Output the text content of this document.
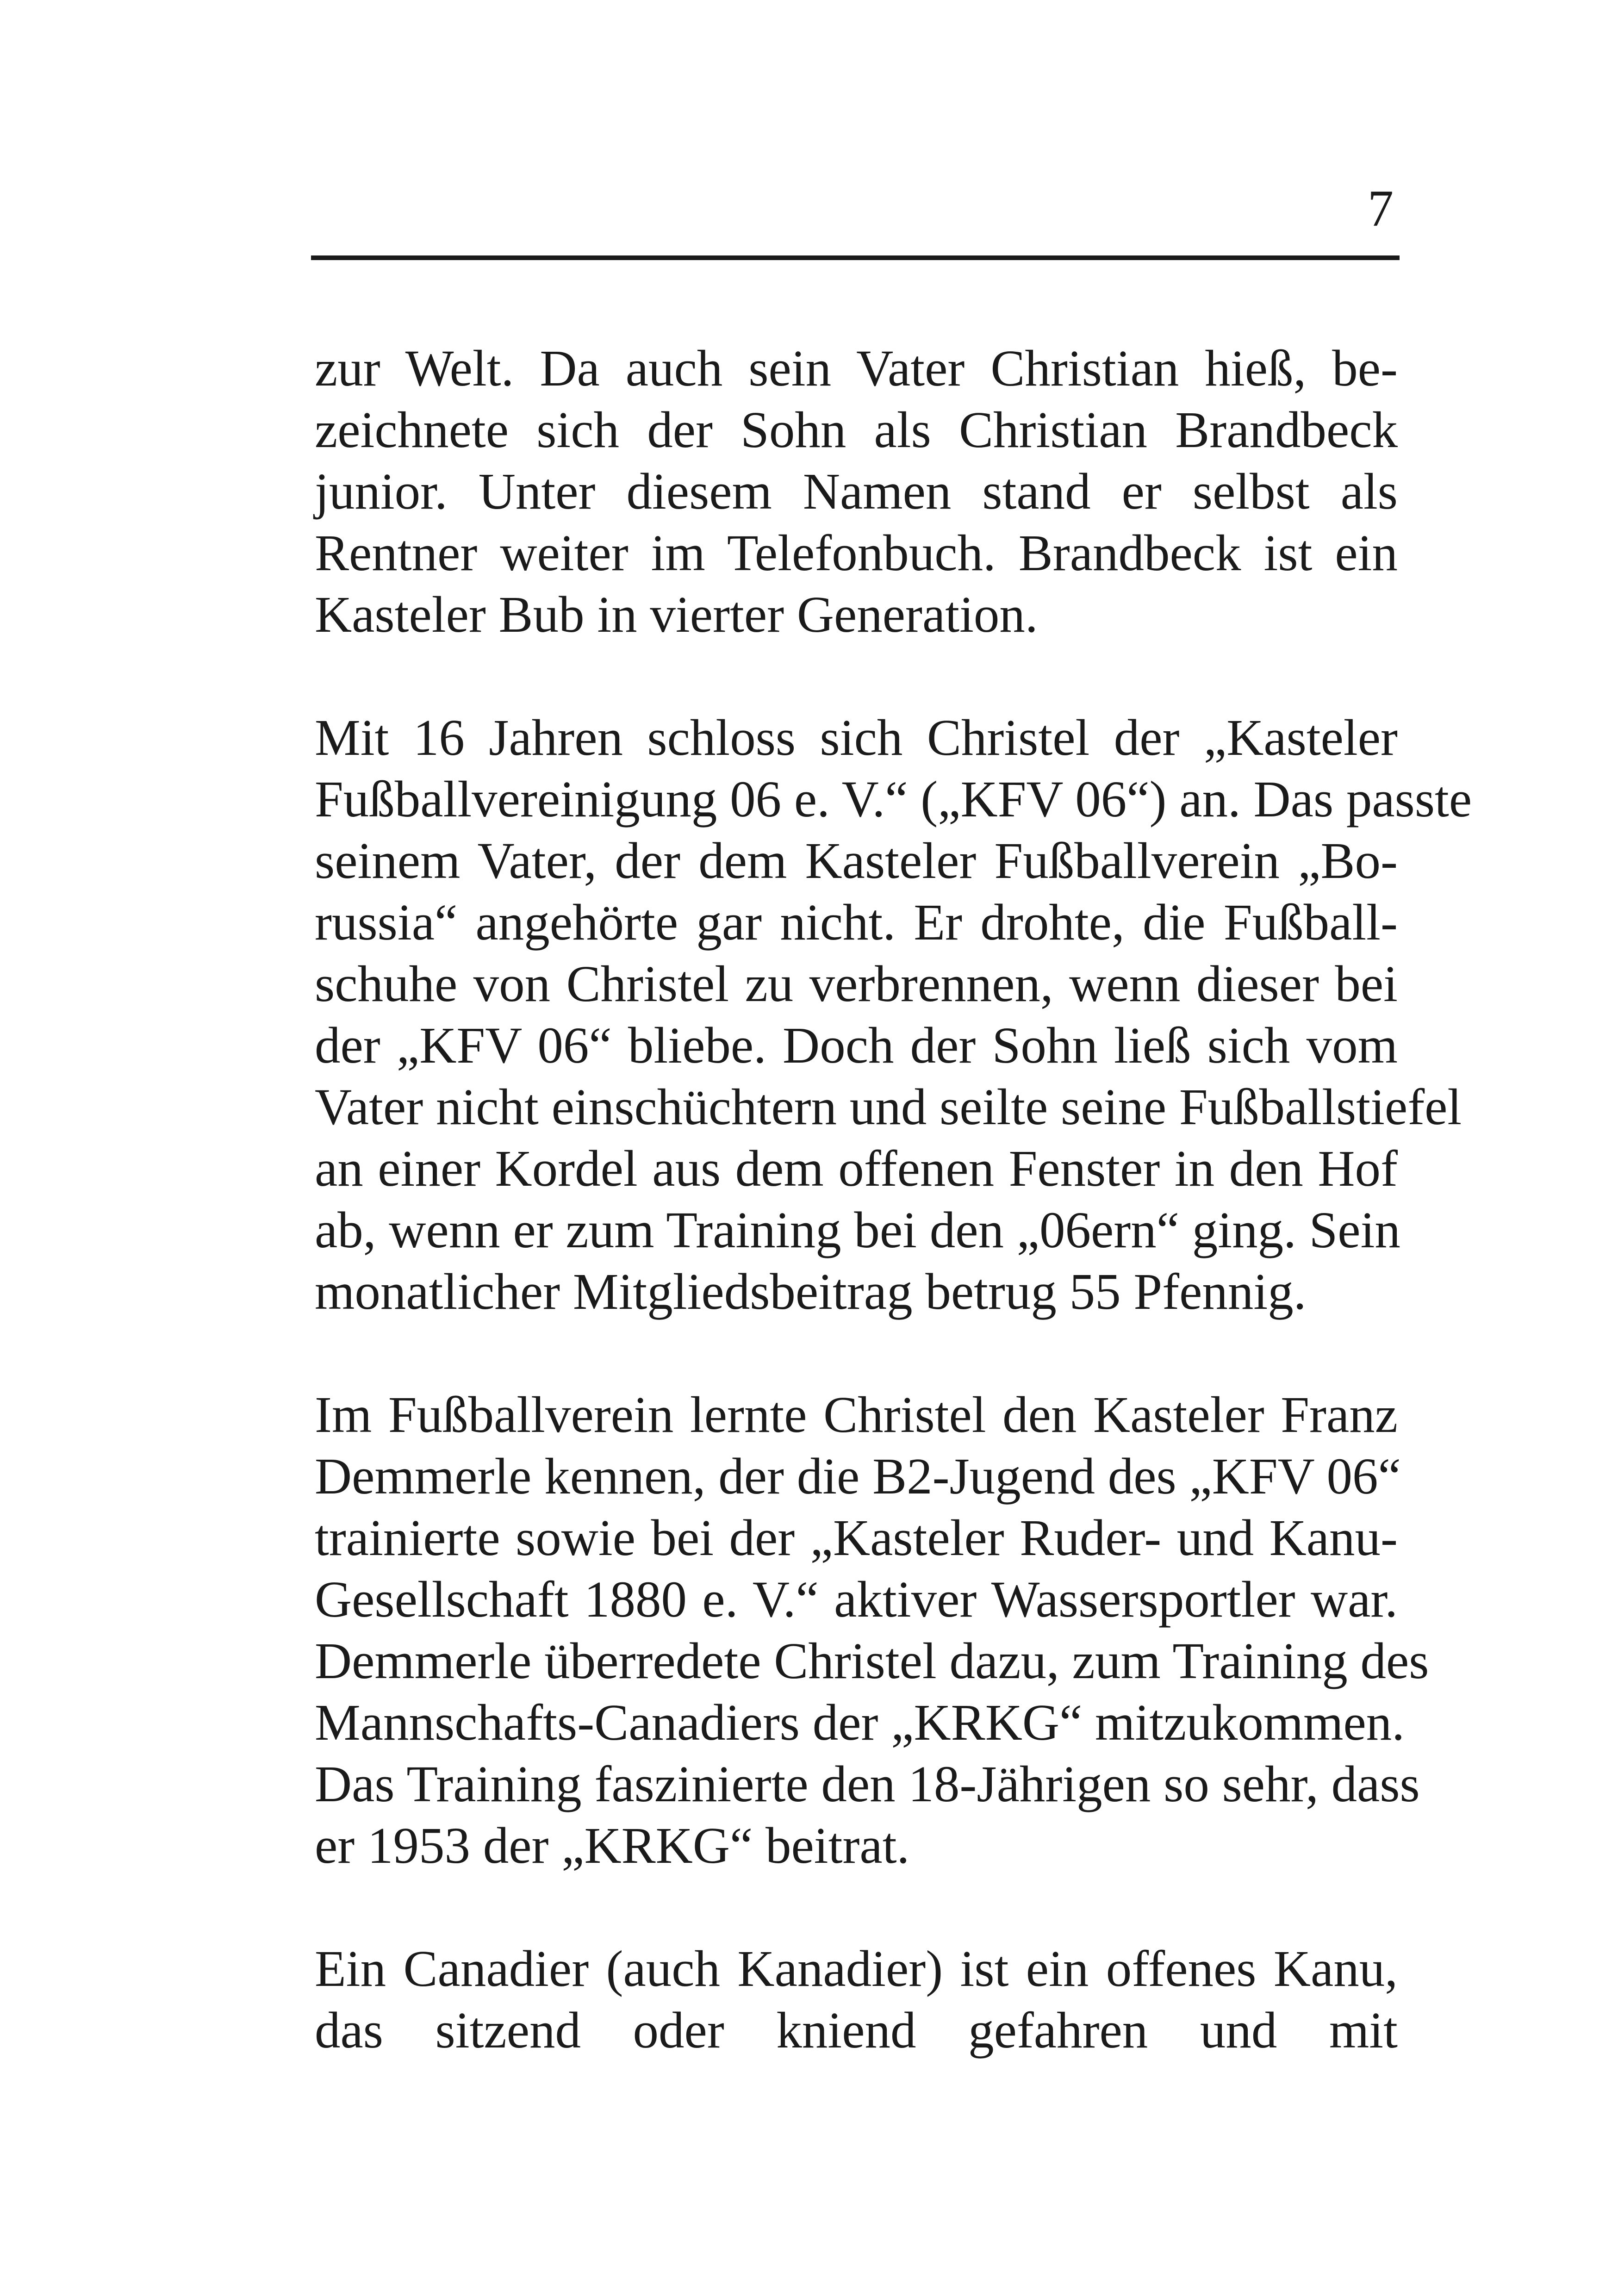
7
zur Welt. Da auch sein Vater Christian hieß, be-
zeichnete sich der Sohn als Christian Brandbeck
junior. Unter diesem Namen stand er selbst als
Rentner weiter im Telefonbuch. Brandbeck ist ein
Kasteler Bub in vierter Generation.
Mit 16 Jahren schloss sich Christel der „Kasteler
Fußballvereinigung 06 e. V.“ („KFV 06“) an. Das passte
seinem Vater, der dem Kasteler Fußballverein „Bo-
russia“ angehörte gar nicht. Er drohte, die Fußball-
schuhe von Christel zu verbrennen, wenn dieser bei
der „KFV 06“ bliebe. Doch der Sohn ließ sich vom
Vater nicht einschüchtern und seilte seine Fußballstiefel
an einer Kordel aus dem offenen Fenster in den Hof
ab, wenn er zum Training bei den „06ern“ ging. Sein
monatlicher Mitgliedsbeitrag betrug 55 Pfennig.
Im Fußballverein lernte Christel den Kasteler Franz
Demmerle kennen, der die B2-Jugend des „KFV 06“
trainierte sowie bei der „Kasteler Ruder- und Kanu-
Gesellschaft 1880 e. V.“ aktiver Wassersportler war.
Demmerle überredete Christel dazu, zum Training des
Mannschafts-Canadiers der „KRKG“ mitzukommen.
Das Training faszinierte den 18-Jährigen so sehr, dass
er 1953 der „KRKG“ beitrat.
Ein Canadier (auch Kanadier) ist ein offenes Kanu,
das sitzend oder kniend gefahren und mit
